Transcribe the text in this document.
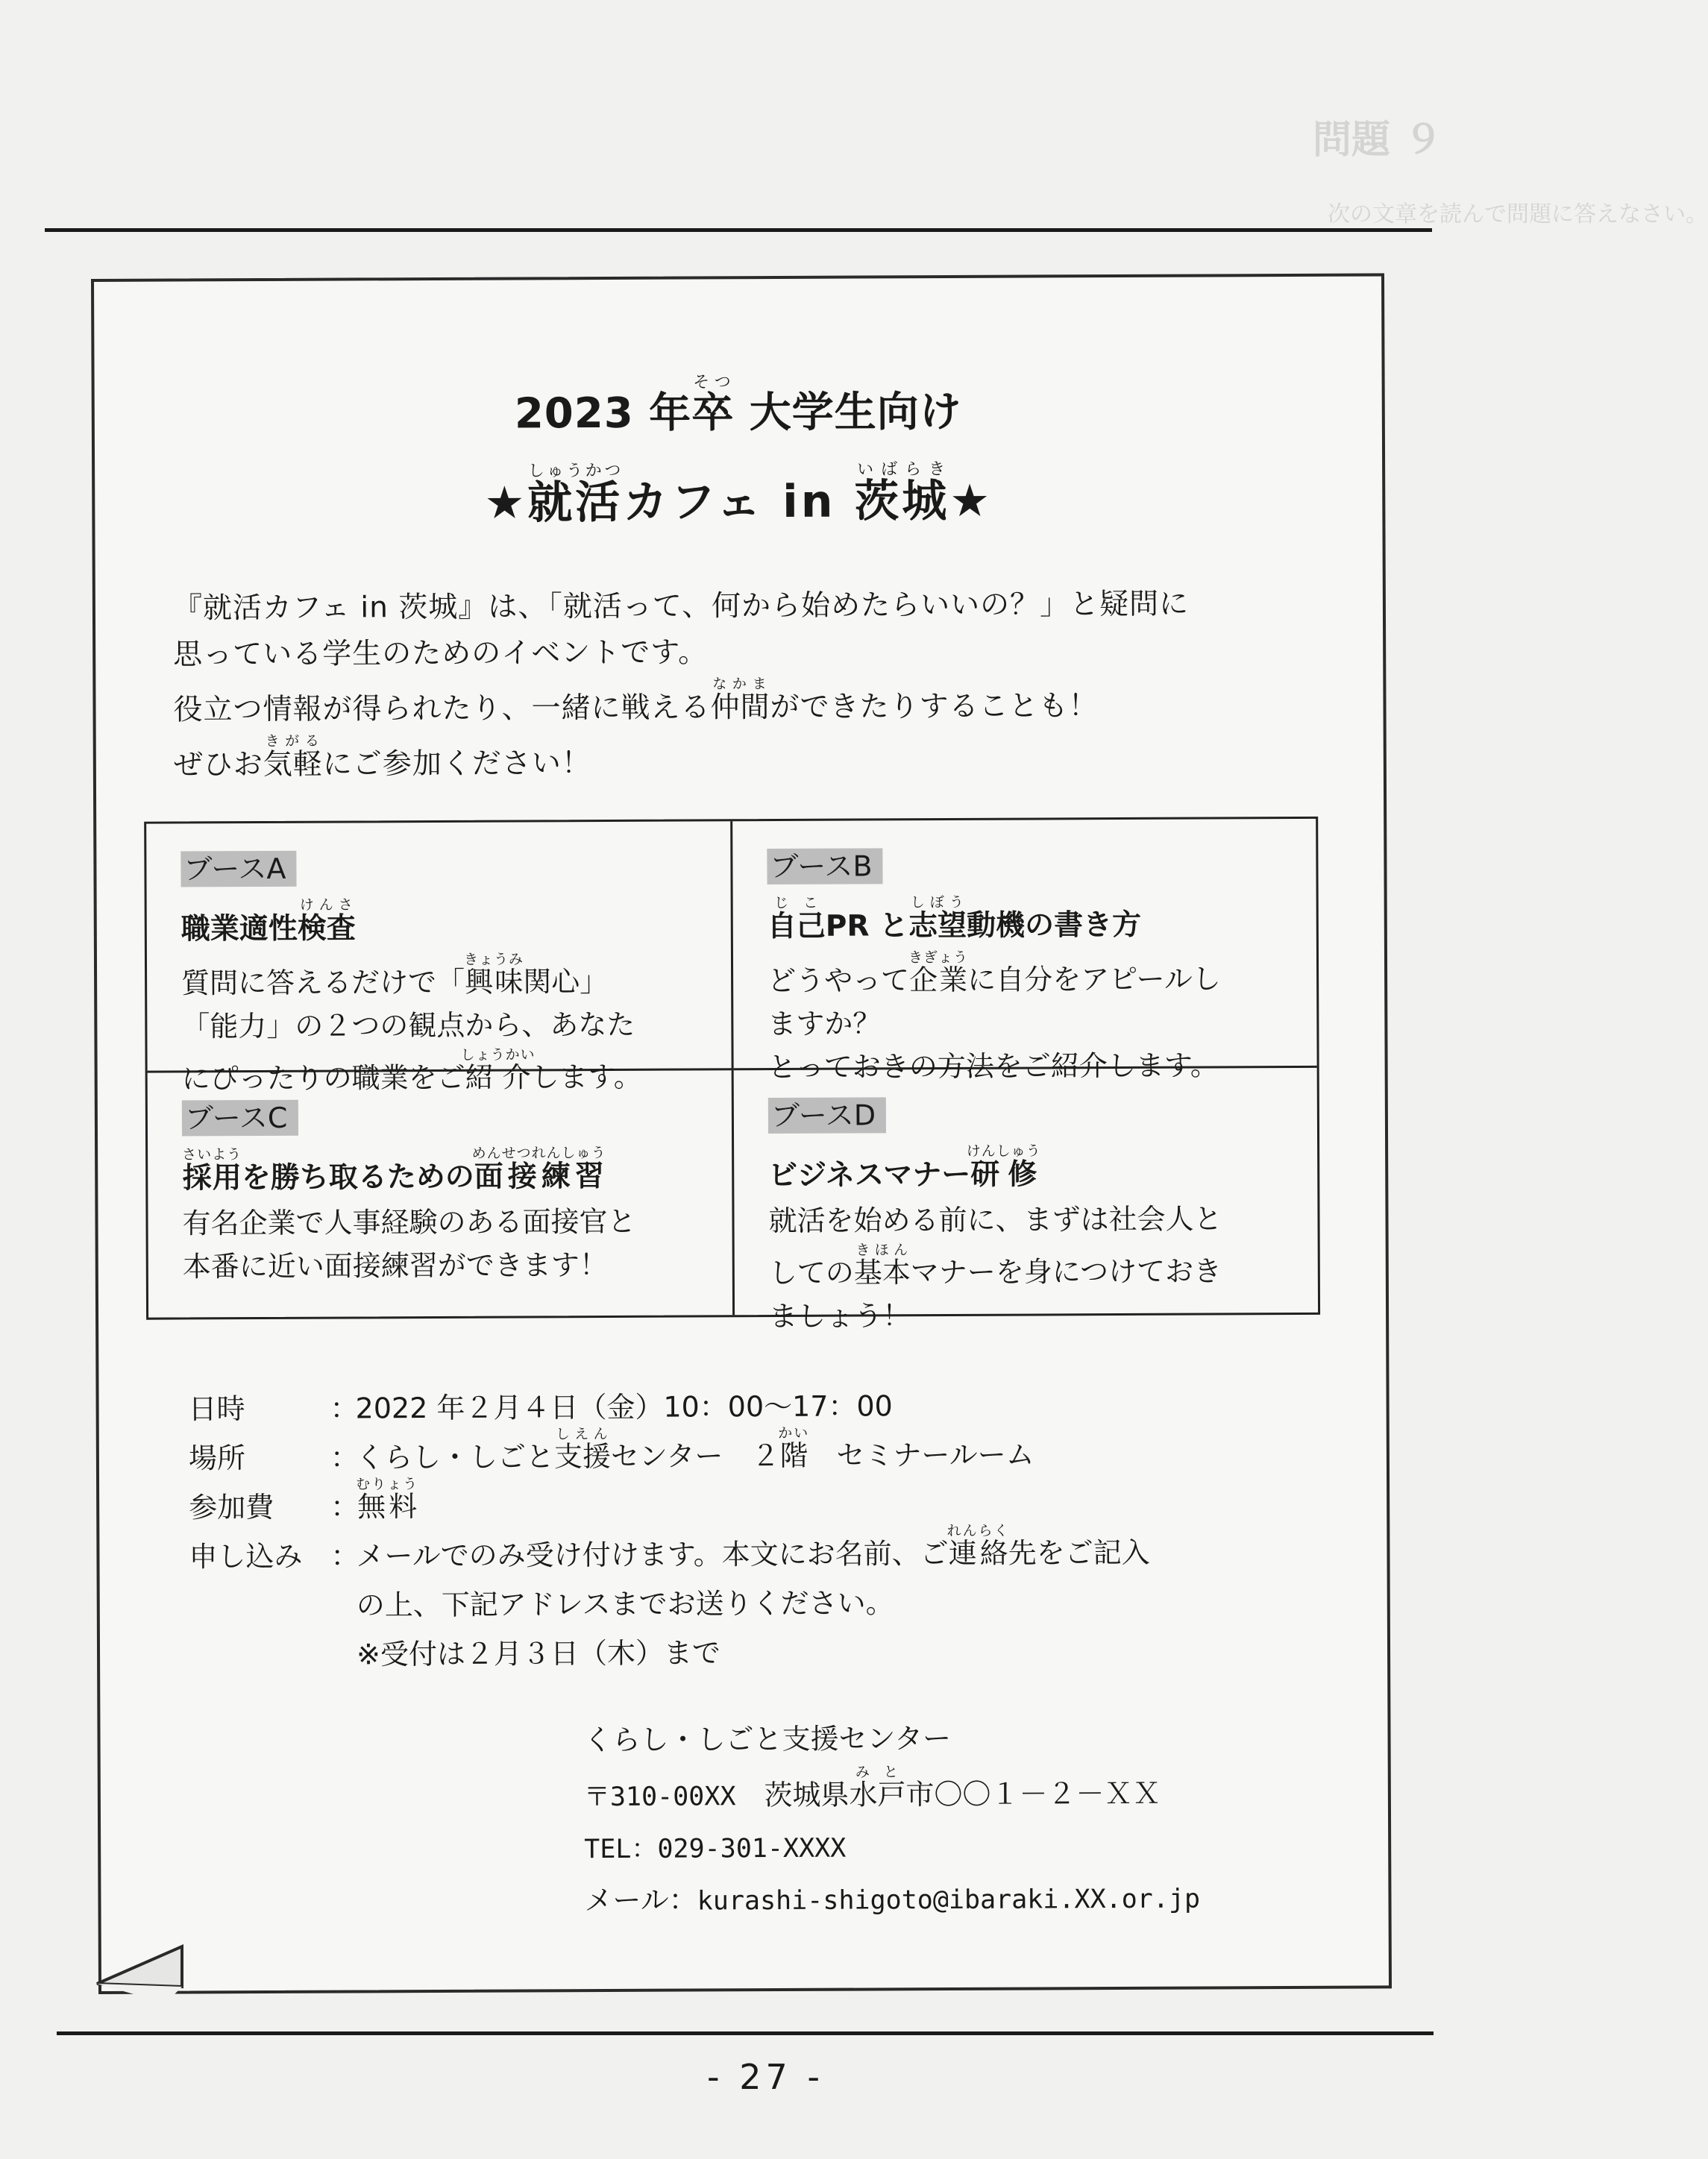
問題 ９
次の文章を読んで問題に答えなさい。
2023 年卒そつ 大学生向け
★就活しゅうかつカフェ in 茨城いばらき★

『就活カフェ in 茨城』は、「就活って、何から始めたらいいの？」と疑問に

思っている学生のためのイベントです。

役立つ情報が得られたり、一緒に戦える仲間なかまができたりすることも！

ぜひお気軽きがるにご参加ください！

ブースA
職業適性検査けんさ
質問に答えるだけで「興味きょうみ関心」
「能力」の２つの観点から、あなた
にぴったりの職業をご紹介しょうかいします。
ブースB
自己じこPR と志望しぼう動機の書き方
どうやって企業きぎょうに自分をアピールし
ますか？
とっておきの方法をご紹介します。
ブースC
採用さいようを勝ち取るための面接練習めんせつれんしゅう
有名企業で人事経験のある面接官と
本番に近い面接練習ができます！
ブースD
ビジネスマナー研修けんしゅう
就活を始める前に、まずは社会人と
しての基本きほんマナーを身につけておき
ましょう！
日時	：
2022 年２月４日（金）10：00〜17：00
場所	：
くらし・しごと支援しえんセンター　２階かい　セミナールーム
参加費	：
無料むりょう
申し込み ：
メールでのみ受け付けます。本文にお名前、ご連絡れんらく先をご記入
の上、下記アドレスまでお送りください。
※受付は２月３日（木）まで
くらし・しごと支援センター
〒310-00XX　 茨城県水戸みと市〇〇１－２－ＸＸ
TEL：029-301-XXXX
メール：kurashi-shigoto@ibaraki.XX.or.jp
- 27 -
